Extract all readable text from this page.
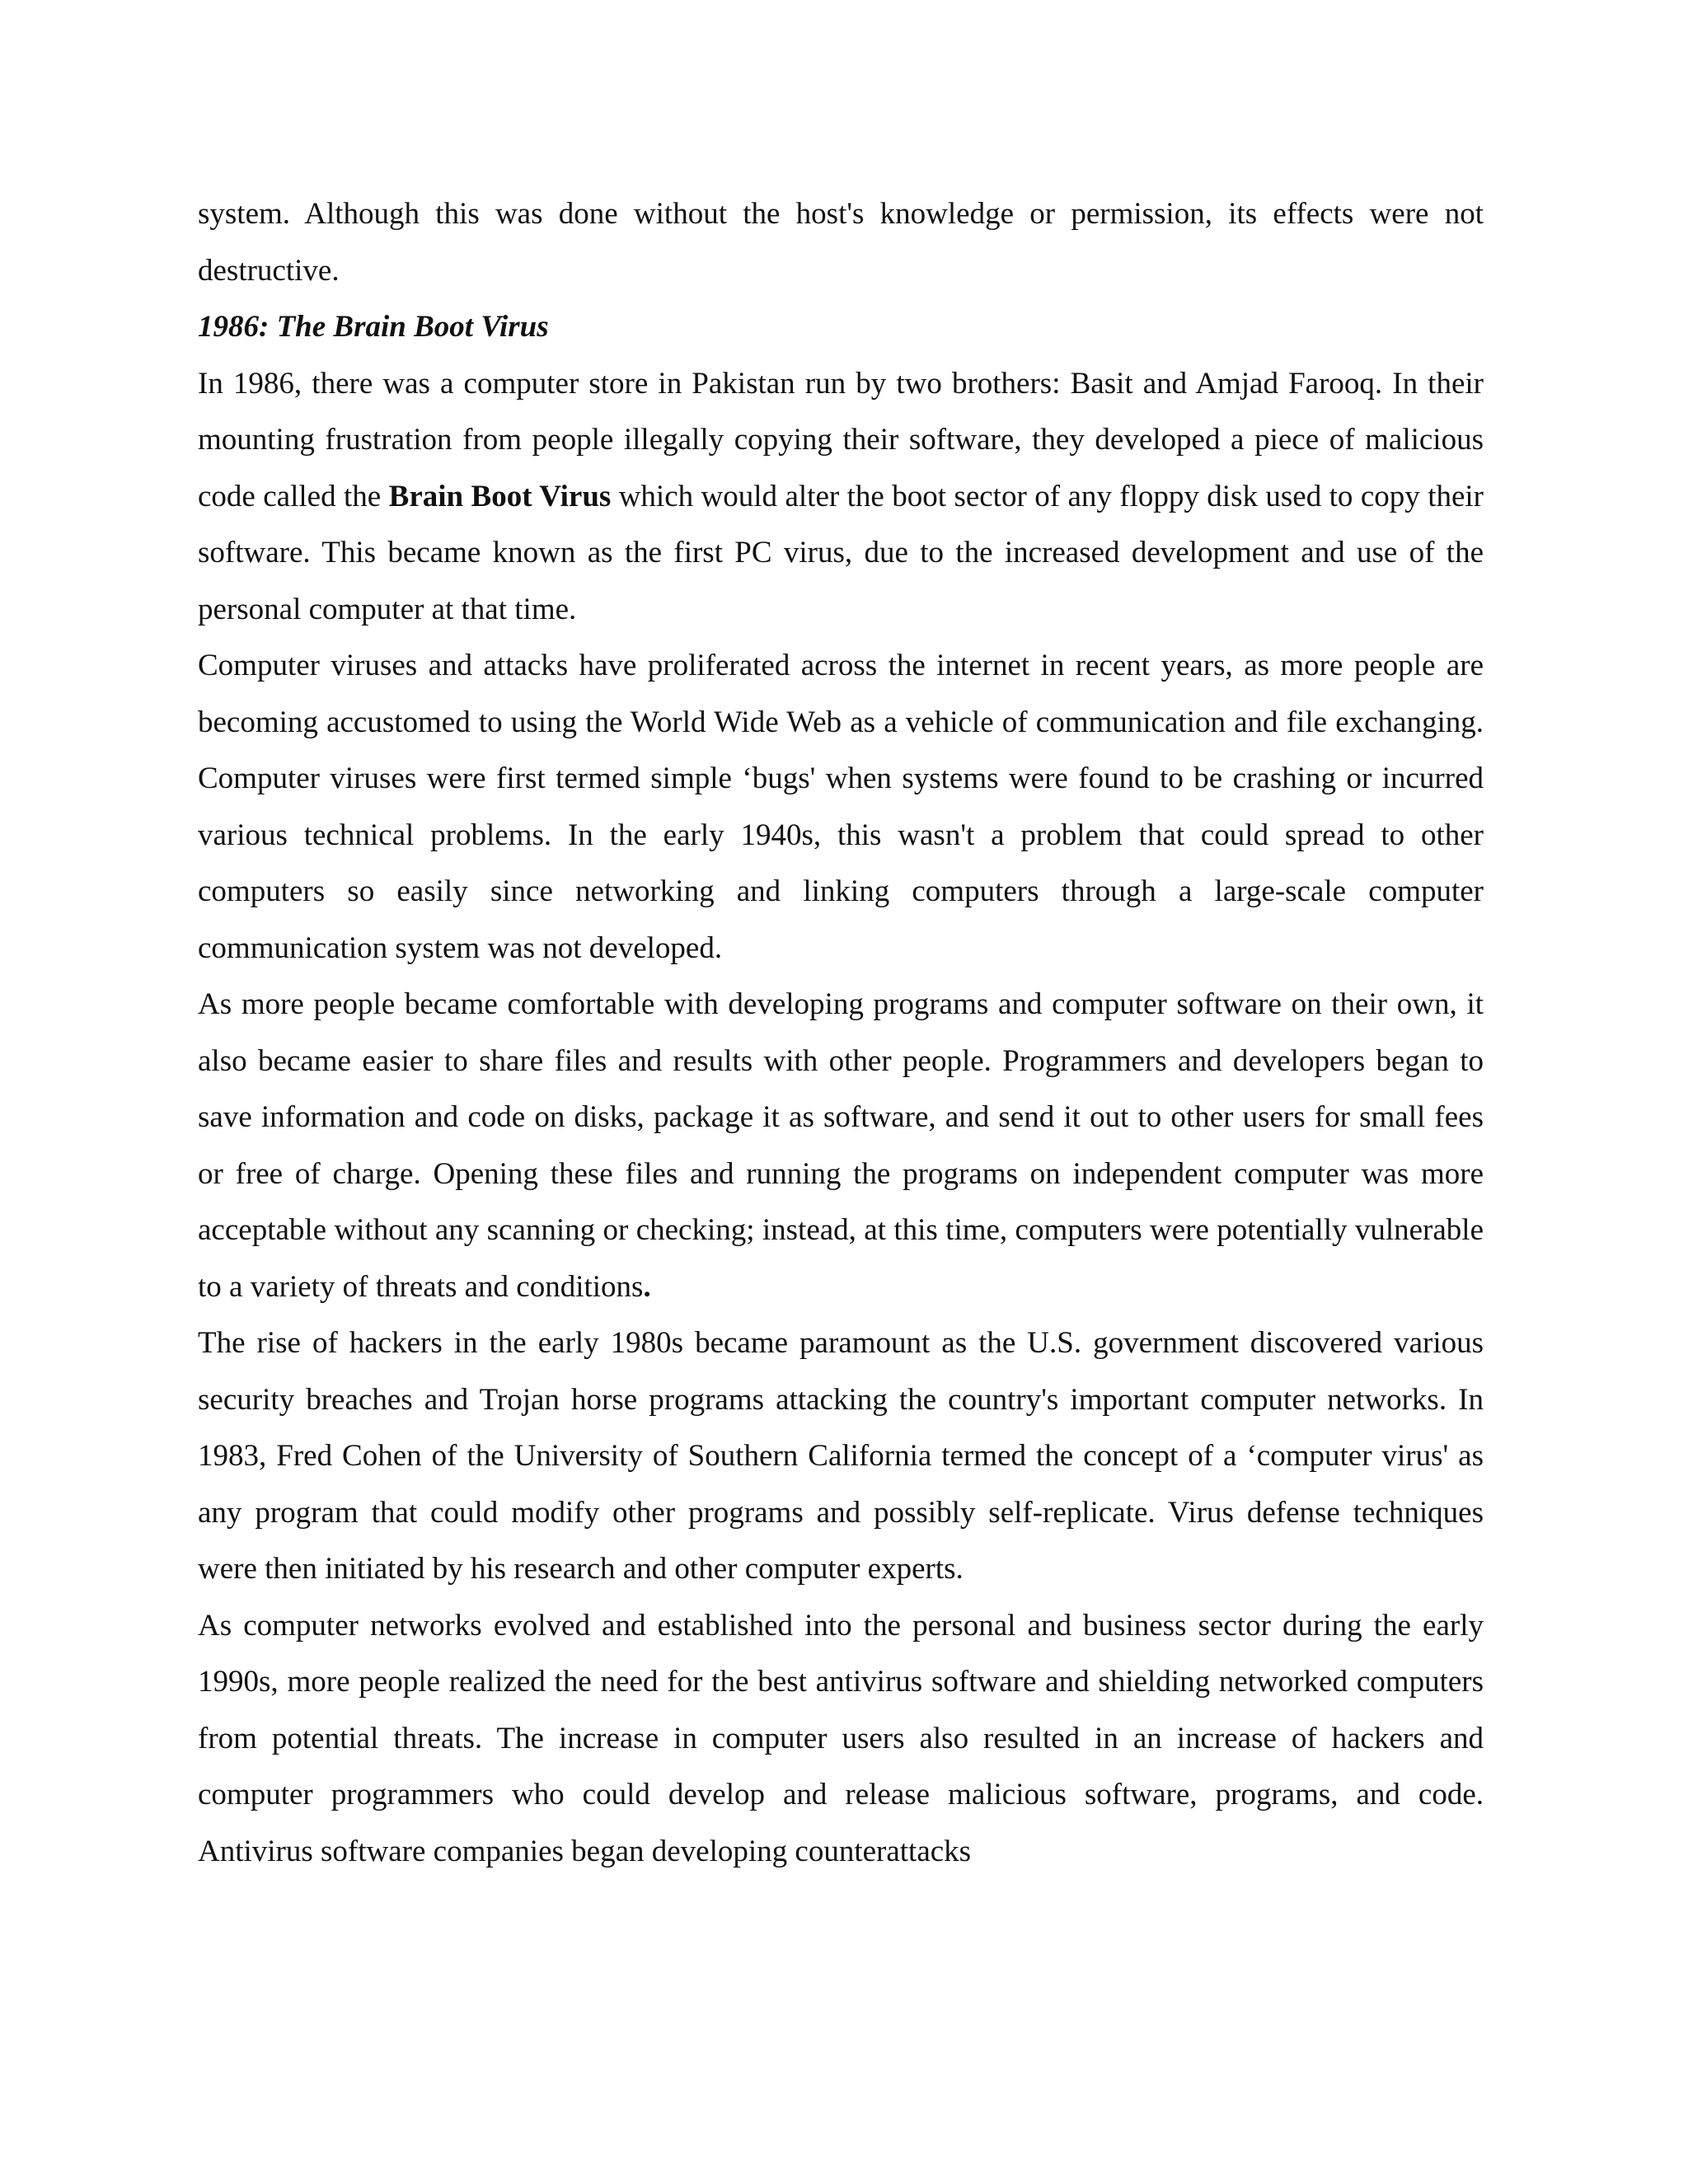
system. Although this was done without the host's knowledge or permission, its effects were not destructive.

1986: The Brain Boot Virus

In 1986, there was a computer store in Pakistan run by two brothers: Basit and Amjad Farooq. In their mounting frustration from people illegally copying their software, they developed a piece of malicious code called the Brain Boot Virus which would alter the boot sector of any floppy disk used to copy their software. This became known as the first PC virus, due to the increased development and use of the personal computer at that time.

Computer viruses and attacks have proliferated across the internet in recent years, as more people are becoming accustomed to using the World Wide Web as a vehicle of communication and file exchanging. Computer viruses were first termed simple ‘bugs' when systems were found to be crashing or incurred various technical problems. In the early 1940s, this wasn't a problem that could spread to other computers so easily since networking and linking computers through a large-scale computer communication system was not developed.

As more people became comfortable with developing programs and computer software on their own, it also became easier to share files and results with other people. Programmers and developers began to save information and code on disks, package it as software, and send it out to other users for small fees or free of charge. Opening these files and running the programs on independent computer was more acceptable without any scanning or checking; instead, at this time, computers were potentially vulnerable to a variety of threats and conditions.

The rise of hackers in the early 1980s became paramount as the U.S. government discovered various security breaches and Trojan horse programs attacking the country's important computer networks. In 1983, Fred Cohen of the University of Southern California termed the concept of a ‘computer virus' as any program that could modify other programs and possibly self-replicate. Virus defense techniques were then initiated by his research and other computer experts.

As computer networks evolved and established into the personal and business sector during the early 1990s, more people realized the need for the best antivirus software and shielding networked computers from potential threats. The increase in computer users also resulted in an increase of hackers and computer programmers who could develop and release malicious software, programs, and code. Antivirus software companies began developing counterattacks
